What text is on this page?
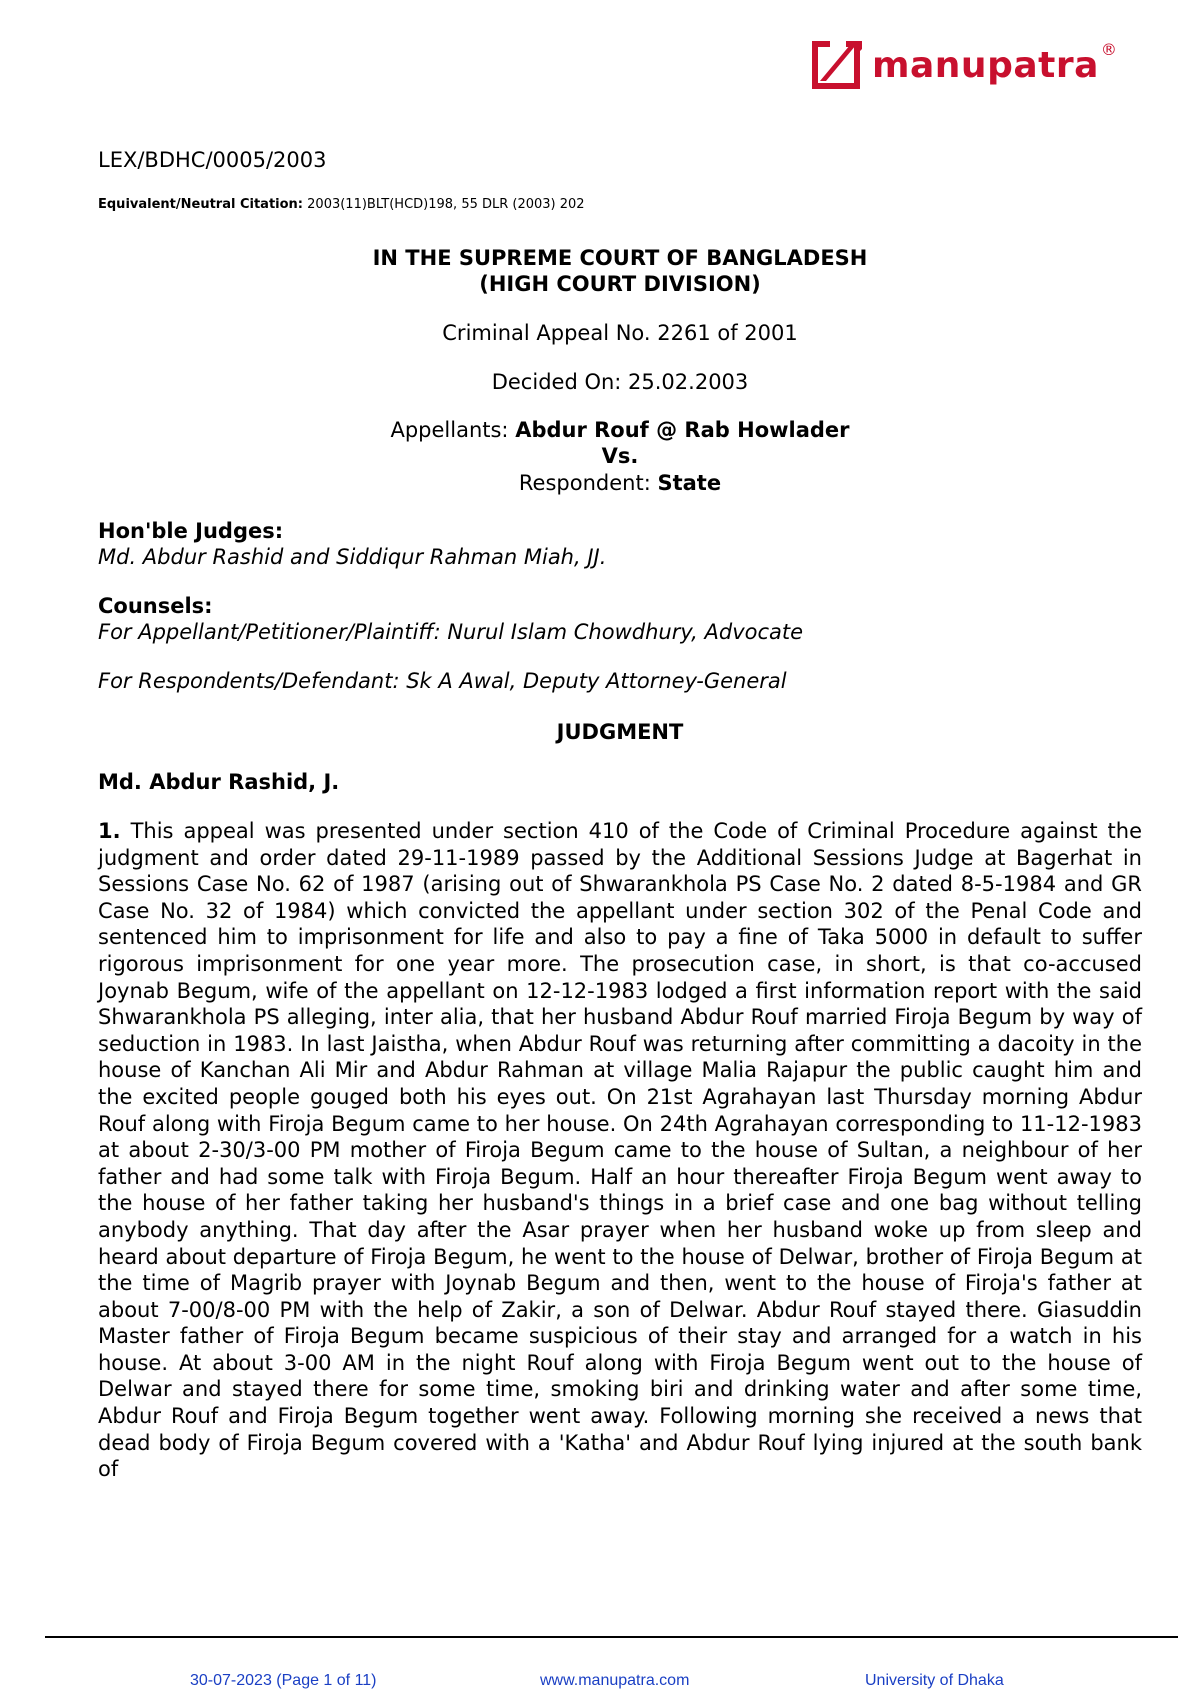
manupatra ®
LEX/BDHC/0005/2003
Equivalent/Neutral Citation: 2003(11)BLT(HCD)198, 55 DLR (2003) 202
IN THE SUPREME COURT OF BANGLADESH
(HIGH COURT DIVISION)
Criminal Appeal No. 2261 of 2001
Decided On: 25.02.2003
Appellants: Abdur Rouf @ Rab Howlader
Vs.
Respondent: State
Hon'ble Judges:
Md. Abdur Rashid and Siddiqur Rahman Miah, JJ.
Counsels:
For Appellant/Petitioner/Plaintiff: Nurul Islam Chowdhury, Advocate
For Respondents/Defendant: Sk A Awal, Deputy Attorney-General
JUDGMENT
Md. Abdur Rashid, J.
1. This appeal was presented under section 410 of the Code of Criminal Procedure against the judgment and order dated 29-11-1989 passed by the Additional Sessions Judge at Bagerhat in Sessions Case No. 62 of 1987 (arising out of Shwarankhola PS Case No. 2 dated 8-5-1984 and GR Case No. 32 of 1984) which convicted the appellant under section 302 of the Penal Code and sentenced him to imprisonment for life and also to pay a fine of Taka 5000 in default to suffer rigorous imprisonment for one year more. The prosecution case, in short, is that co-accused Joynab Begum, wife of the appellant on 12-12-1983 lodged a first information report with the said Shwarankhola PS alleging, inter alia, that her husband Abdur Rouf married Firoja Begum by way of seduction in 1983. In last Jaistha, when Abdur Rouf was returning after committing a dacoity in the house of Kanchan Ali Mir and Abdur Rahman at village Malia Rajapur the public caught him and the excited people gouged both his eyes out. On 21st Agrahayan last Thursday morning Abdur Rouf along with Firoja Begum came to her house. On 24th Agrahayan corresponding to 11-12-1983 at about 2-30/3-00 PM mother of Firoja Begum came to the house of Sultan, a neighbour of her father and had some talk with Firoja Begum. Half an hour thereafter Firoja Begum went away to the house of her father taking her husband's things in a brief case and one bag without telling anybody anything. That day after the Asar prayer when her husband woke up from sleep and heard about departure of Firoja Begum, he went to the house of Delwar, brother of Firoja Begum at the time of Magrib prayer with Joynab Begum and then, went to the house of Firoja's father at about 7-00/8-00 PM with the help of Zakir, a son of Delwar. Abdur Rouf stayed there. Giasuddin Master father of Firoja Begum became suspicious of their stay and arranged for a watch in his house. At about 3-00 AM in the night Rouf along with Firoja Begum went out to the house of Delwar and stayed there for some time, smoking biri and drinking water and after some time, Abdur Rouf and Firoja Begum together went away. Following morning she received a news that dead body of Firoja Begum covered with a 'Katha' and Abdur Rouf lying injured at the south bank of
30-07-2023 (Page 1 of 11)	www.manupatra.com	University of Dhaka
